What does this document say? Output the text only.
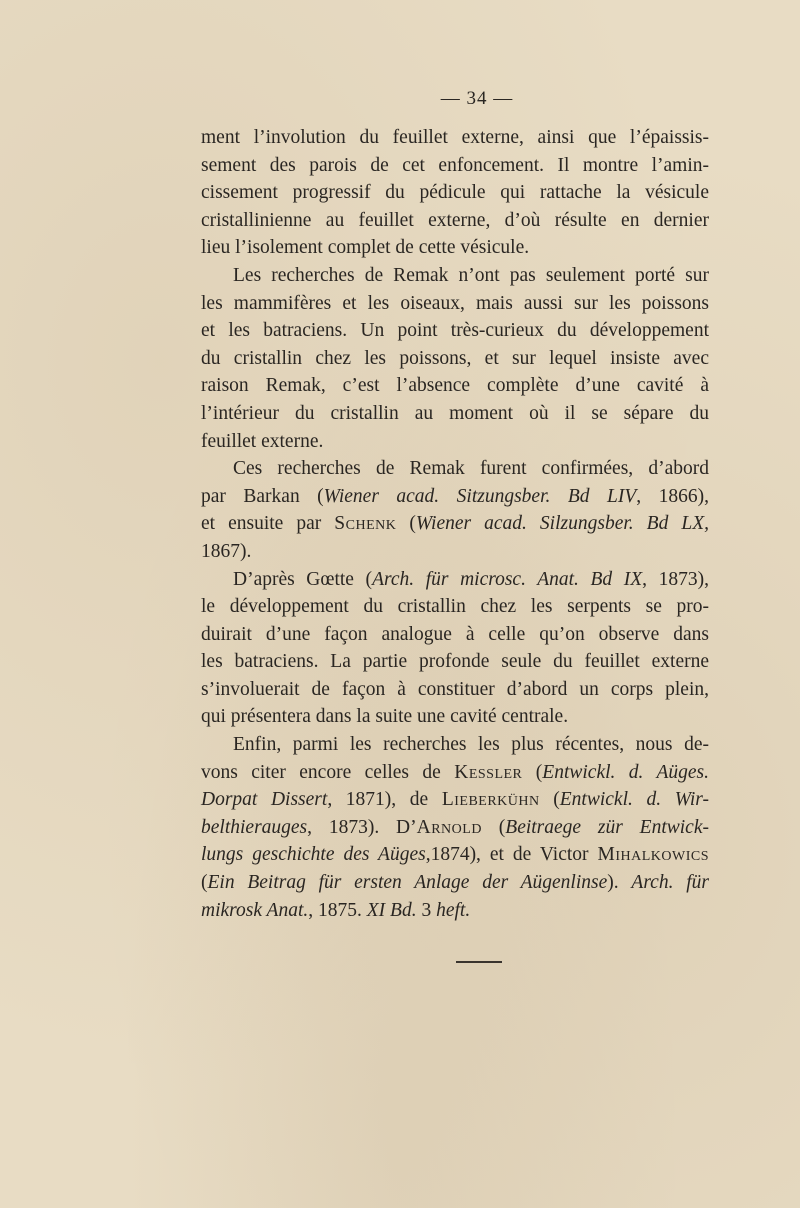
— 34 —
ment l’involution du feuillet externe, ainsi que l’épaissis-
sement des parois de cet enfoncement. Il montre l’amin-
cissement progressif du pédicule qui rattache la vésicule
cristallinienne au feuillet externe, d’où résulte en dernier
lieu l’isolement complet de cette vésicule.
Les recherches de Remak n’ont pas seulement porté sur
les mammifères et les oiseaux, mais aussi sur les poissons
et les batraciens. Un point très-curieux du développement
du cristallin chez les poissons, et sur lequel insiste avec
raison Remak, c’est l’absence complète d’une cavité à
l’intérieur du cristallin au moment où il se sépare du
feuillet externe.
Ces recherches de Remak furent confirmées, d’abord
par Barkan (Wiener acad. Sitzungsber. Bd LIV, 1866),
et ensuite par Schenk (Wiener acad. Silzungsber. Bd LX,
1867).
D’après Gœtte (Arch. für microsc. Anat. Bd IX, 1873),
le développement du cristallin chez les serpents se pro-
duirait d’une façon analogue à celle qu’on observe dans
les batraciens. La partie profonde seule du feuillet externe
s’involuerait de façon à constituer d’abord un corps plein,
qui présentera dans la suite une cavité centrale.
Enfin, parmi les recherches les plus récentes, nous de-
vons citer encore celles de Kessler (Entwickl. d. Aüges.
Dorpat Dissert, 1871), de Lieberkühn (Entwickl. d. Wir-
belthierauges, 1873). D’Arnold (Beitraege zür Entwick-
lungs geschichte des Aüges,1874), et de Victor Mihalkowics
(Ein Beitrag für ersten Anlage der Aügenlinse). Arch. für
mikrosk Anat., 1875. XI Bd. 3 heft.
